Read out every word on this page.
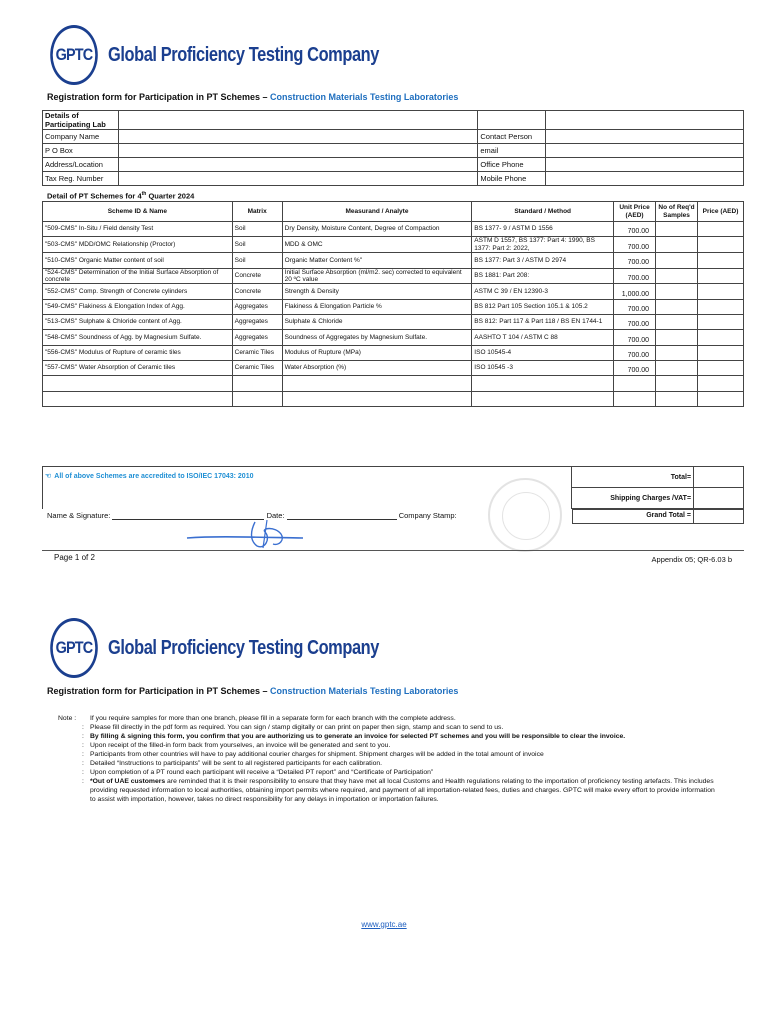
GPTC Global Proficiency Testing Company
Registration form for Participation in PT Schemes – Construction Materials Testing Laboratories
Details of Participating Lab			
Company Name		Contact Person	
P O Box		email	
Address/Location		Office Phone	
Tax Reg. Number		Mobile Phone	
Detail of PT Schemes for 4th Quarter 2024
Scheme ID & Name	Matrix	Measurand / Analyte	Standard / Method	Unit Price (AED)	No of Req'd Samples	Price (AED)
"509-CMS" In-Situ / Field density Test	Soil	Dry Density, Moisture Content, Degree of Compaction	BS 1377- 9 / ASTM D 1556	700.00		
"503-CMS" MDD/OMC Relationship (Proctor)	Soil	MDD & OMC	ASTM D 1557, BS 1377: Part 4: 1990, BS 1377: Part 2: 2022,	700.00		
"510-CMS" Organic Matter content of soil	Soil	Organic Matter Content %"	BS 1377: Part 3 / ASTM D 2974	700.00		
"524-CMS" Determination of the Initial Surface Absorption of concrete	Concrete	Initial Surface Absorption (ml/m2. sec) corrected to equivalent 20 ºC value	BS 1881: Part 208:	700.00		
"552-CMS" Comp. Strength of Concrete cylinders	Concrete	Strength & Density	ASTM C 39 / EN 12390-3	1,000.00		
"549-CMS" Flakiness & Elongation Index of Agg.	Aggregates	Flakiness & Elongation Particle %	BS 812 Part 105 Section 105.1 & 105.2	700.00		
"513-CMS" Sulphate & Chloride content of Agg.	Aggregates	Sulphate & Chloride	BS 812: Part 117 & Part 118 / BS EN 1744-1	700.00		
"548-CMS" Soundness of Agg. by Magnesium Sulfate.	Aggregates	Soundness of Aggregates by Magnesium Sulfate.	AASHTO T 104 / ASTM C 88	700.00		
"556-CMS" Modulus of Rupture of ceramic tiles	Ceramic Tiles	Modulus of Rupture (MPa)	ISO 10545-4	700.00		
"557-CMS" Water Absorption of Ceramic tiles	Ceramic Tiles	Water Absorption (%)	ISO 10545 -3	700.00		

☜ All of above Schemes are accredited to ISO/IEC 17043: 2010	Total=	
	Shipping Charges /VAT=	
Name & Signature:	Date:	Company Stamp:	Grand Total =
Page 1 of 2	Appendix 05; QR-6.03 b
GPTC Global Proficiency Testing Company
Registration form for Participation in PT Schemes – Construction Materials Testing Laboratories
Note : If you require samples for more than one branch, please fill in a separate form for each branch with the complete address.
: Please fill directly in the pdf form as required. You can sign / stamp digitally or can print on paper then sign, stamp and scan to send to us.
: By filling & signing this form, you confirm that you are authorizing us to generate an invoice for selected PT schemes and you will be responsible to clear the invoice.
: Upon receipt of the filled-in form back from yourselves, an invoice will be generated and sent to you.
: Participants from other countries will have to pay additional courier charges for shipment. Shipment charges will be added in the total amount of invoice
: Detailed “Instructions to participants” will be sent to all registered participants for each calibration.
: Upon completion of a PT round each participant will receive a “Detailed PT report” and “Certificate of Participation”
: *Out of UAE customers are reminded that it is their responsibility to ensure that they have met all local Customs and Health regulations relating to the importation of proficiency testing artefacts. This includes providing requested information to local authorities, obtaining import permits where required, and payment of all importation-related fees, duties and charges. GPTC will make every effort to provide information to assist with importation, however, takes no direct responsibility for any delays in importation or importation failures.
www.gptc.ae
